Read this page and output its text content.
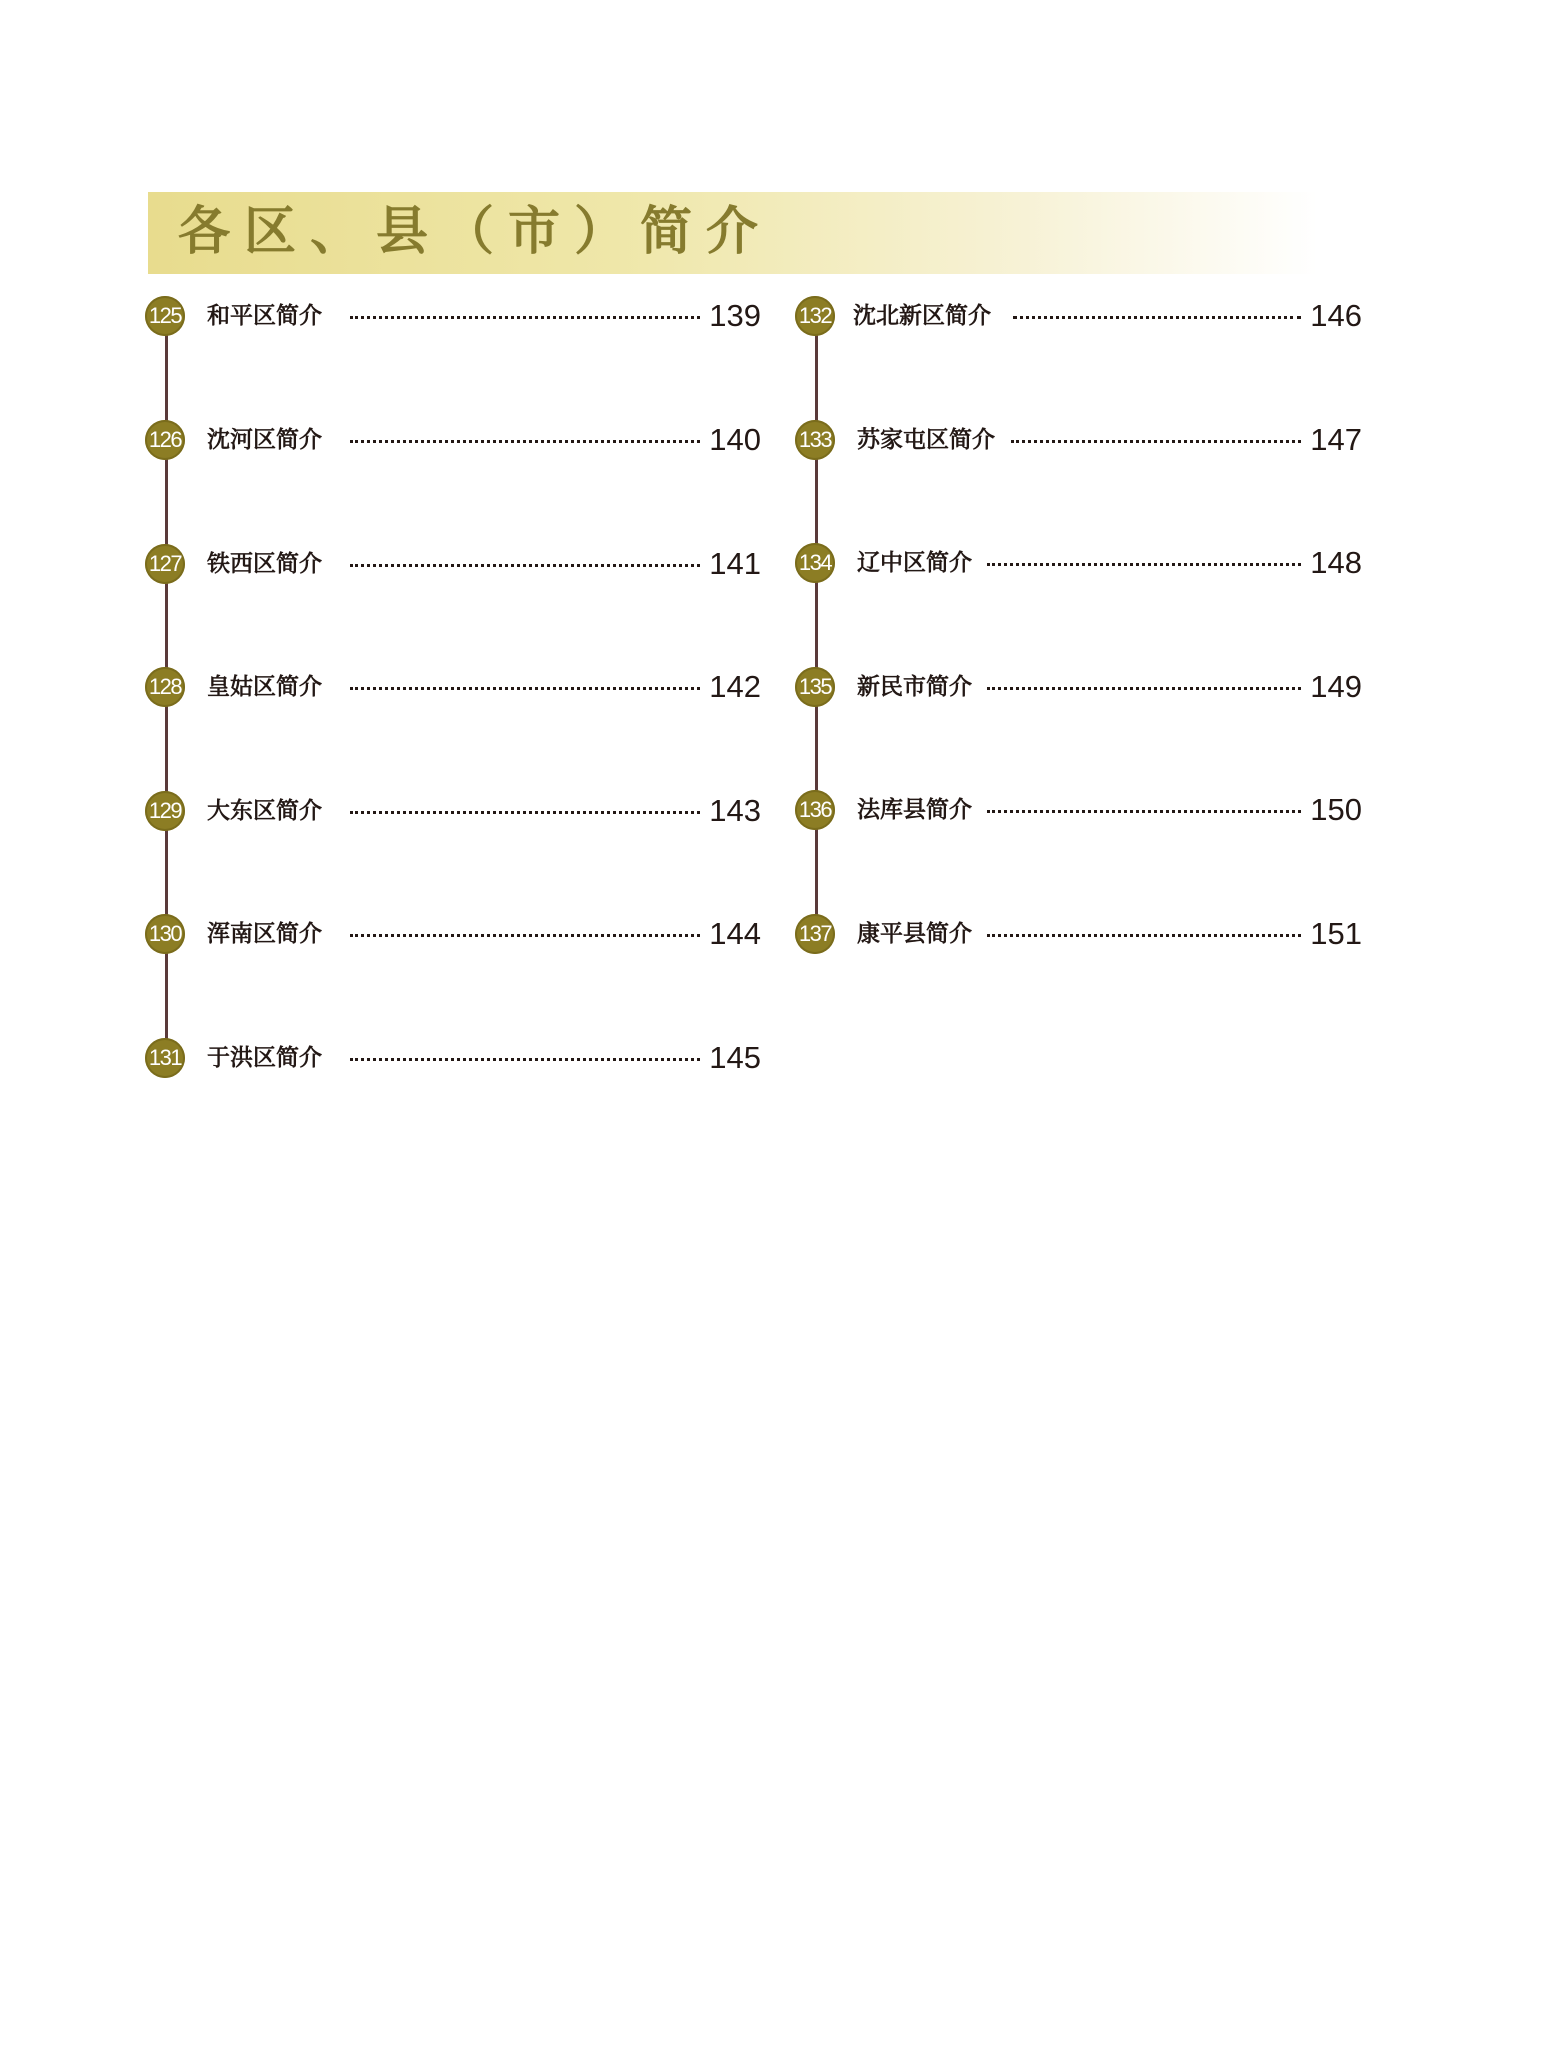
各区、县（市）简介
125 和平区简介	139
126 沈河区简介	140
127 铁西区简介	141
128 皇姑区简介	142
129 大东区简介	143
130 浑南区简介	144
131 于洪区简介	145
132 沈北新区简介	146
133 苏家屯区简介	147
134 辽中区简介	148
135 新民市简介	149
136 法库县简介	150
137 康平县简介	151
